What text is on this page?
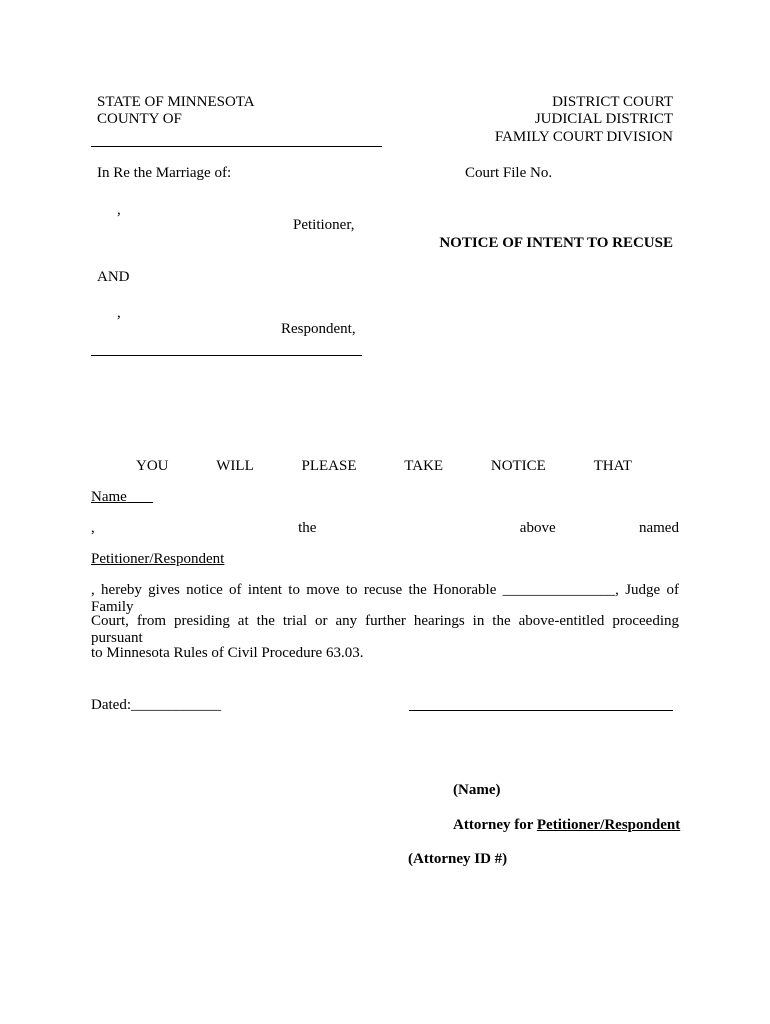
STATE OF MINNESOTA
COUNTY OF
DISTRICT COURT
JUDICIAL DISTRICT
FAMILY COURT DIVISION
In Re the Marriage of:	Court File No.
,
Petitioner,
NOTICE OF INTENT TO RECUSE
AND
,
Respondent,
YOU	WILL	PLEASE	TAKE	NOTICE	THAT
Name
,	the	above	named
Petitioner/Respondent
, hereby gives notice of intent to move to recuse the Honorable _______________, Judge of Family
Court, from presiding at the trial or any further hearings in the above-entitled proceeding pursuant
to Minnesota Rules of Civil Procedure 63.03.
Dated:____________
(Name)
Attorney for Petitioner/Respondent
(Attorney ID #)
